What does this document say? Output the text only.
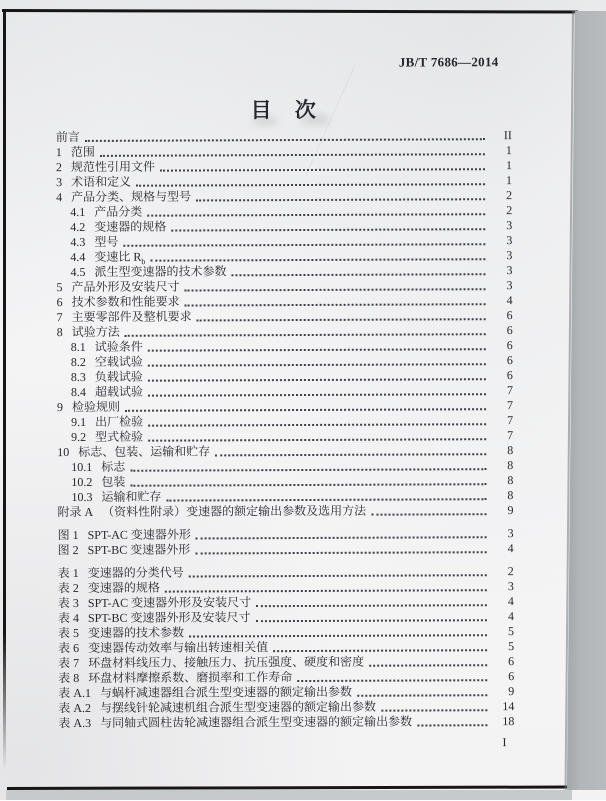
JB/T 7686—2014
目 次
前言	II
1 范围	1
2 规范性引用文件	1
3 术语和定义	1
4 产品分类、规格与型号	2
4.1 产品分类	2
4.2 变速器的规格	3
4.3 型号	3
4.4 变速比 $R_b$	3
4.5 派生型变速器的技术参数	3
5 产品外形及安装尺寸	3
6 技术参数和性能要求	4
7 主要零部件及整机要求	6
8 试验方法	6
8.1 试验条件	6
8.2 空载试验	6
8.3 负载试验	6
8.4 超载试验	7
9 检验规则	7
9.1 出厂检验	7
9.2 型式检验	7
10 标志、包装、运输和贮存	8
10.1 标志	8
10.2 包装	8
10.3 运输和贮存	8
附录 A （资料性附录）变速器的额定输出参数及选用方法	9
图 1 SPT-AC 变速器外形	3
图 2 SPT-BC 变速器外形	4
表 1 变速器的分类代号	2
表 2 变速器的规格	3
表 3 SPT-AC 变速器外形及安装尺寸	4
表 4 SPT-BC 变速器外形及安装尺寸	4
表 5 变速器的技术参数	5
表 6 变速器传动效率与输出转速相关值	5
表 7 环盘材料线压力、接触压力、抗压强度、硬度和密度	6
表 8 环盘材料摩擦系数、磨损率和工作寿命	6
表 A.1 与蜗杆减速器组合派生型变速器的额定输出参数	9
表 A.2 与摆线针轮减速机组合派生型变速器的额定输出参数	14
表 A.3 与同轴式圆柱齿轮减速器组合派生型变速器的额定输出参数	18
I
